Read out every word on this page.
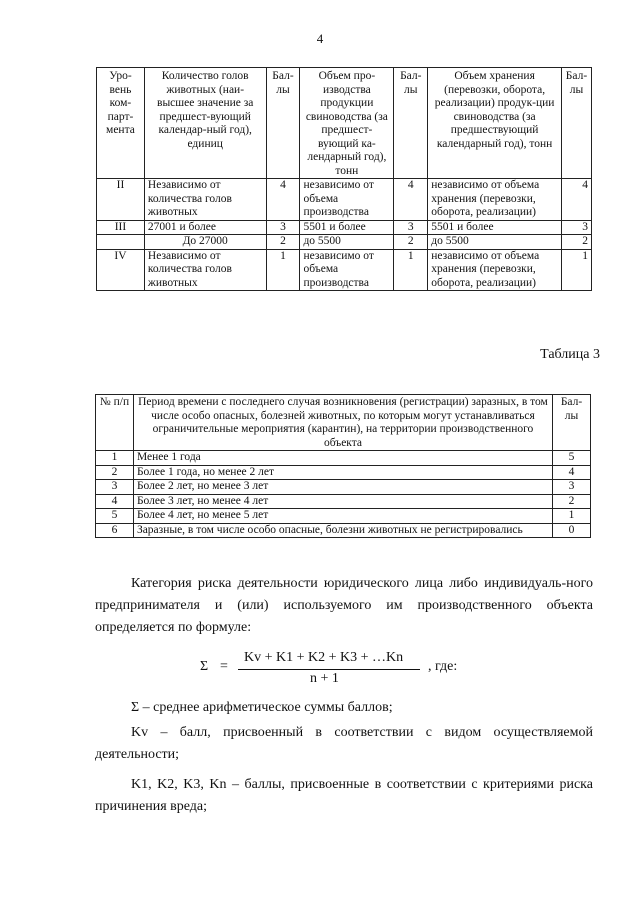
4
Уро-вень ком-парт-мента	Количество голов животных (наи-высшее значение за предшест-вующий календар-ный год), единиц	Бал-лы	Объем про-изводства продукции свиноводства (за предшест-вующий ка-лендарный год), тонн	Бал-лы	Объем хранения (перевозки, оборота, реализации) продук-ции свиноводства (за предшествующий календарный год), тонн	Бал-лы
II	Независимо от количества голов животных	4	независимо от объема производства	4	независимо от объема хранения (перевозки, оборота, реализации)	4
III	27001 и более	3	5501 и более	3	5501 и более	3
	До 27000	2	до 5500	2	до 5500	2
IV	Независимо от количества голов животных	1	независимо от объема производства	1	независимо от объема хранения (перевозки, оборота, реализации)	1
Таблица 3
№ п/п	Период времени с последнего случая возникновения (регистрации) заразных, в том числе особо опасных, болезней животных, по которым могут устанавливаться ограничительные мероприятия (карантин), на территории производственного объекта	Бал-лы
1	Менее 1 года	5
2	Более 1 года, но менее 2 лет	4
3	Более 2 лет, но менее 3 лет	3
4	Более 3 лет, но менее 4 лет	2
5	Более 4 лет, но менее 5 лет	1
6	Заразные, в том числе особо опасные, болезни животных не регистрировались	0
Категория риска деятельности юридического лица либо индивидуаль-ного предпринимателя и (или) используемого им производственного объекта определяется по формуле:
Σ =
Kv + K1 + K2 + K3 + …Kn
n + 1
, где:
Σ – среднее арифметическое суммы баллов;
Kv – балл, присвоенный в соответствии с видом осуществляемой деятельности;
K1, K2, K3, Kn – баллы, присвоенные в соответствии с критериями риска причинения вреда;
